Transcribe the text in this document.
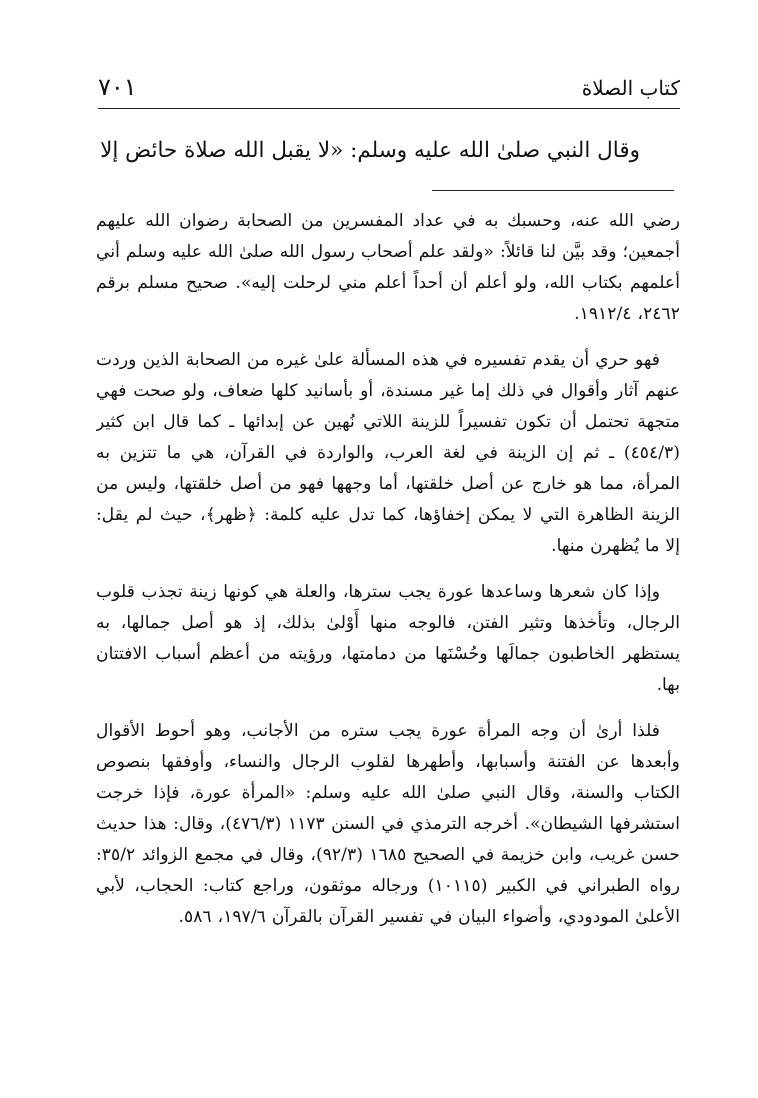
كتاب الصلاة
٧٠١
وقال النبي صلىٰ الله عليه وسلم: «لا يقبل الله صلاة حائض إلا

رضي الله عنه، وحسبك به في عداد المفسرين من الصحابة رضوان الله عليهم أجمعين؛ وقد بيَّن لنا قائلاً: «ولقد علم أصحاب رسول الله صلىٰ الله عليه وسلم أني أعلمهم بكتاب الله، ولو أعلم أن أحداً أعلم مني لرحلت إليه». صحيح مسلم برقم ٢٤٦٢، ١٩١٢/٤.

فهو حري أن يقدم تفسيره في هذه المسألة علىٰ غيره من الصحابة الذين وردت عنهم آثار وأقوال في ذلك إما غير مسندة، أو بأسانيد كلها ضعاف، ولو صحت فهي متجهة تحتمل أن تكون تفسيراً للزينة اللاتي نُهين عن إبدائها ـ كما قال ابن كثير (٤٥٤/٣) ـ ثم إن الزينة في لغة العرب، والواردة في القرآن، هي ما تتزين به المرأة، مما هو خارج عن أصل خلقتها، أما وجهها فهو من أصل خلقتها، وليس من الزينة الظاهرة التي لا يمكن إخفاؤها، كما تدل عليه كلمة: ﴿ظهر﴾، حيث لم يقل: إلا ما يُظهرن منها.

وإذا كان شعرها وساعدها عورة يجب سترها، والعلة هي كونها زينة تجذب قلوب الرجال، وتأخذها وتثير الفتن، فالوجه منها أَوْلىٰ بذلك، إذ هو أصل جمالها، به يستظهر الخاطبون جمالَها وحُسْنَها من دمامتها، ورؤيته من أعظم أسباب الافتتان بها.

فلذا أرىٰ أن وجه المرأة عورة يجب ستره من الأجانب، وهو أحوط الأقوال وأبعدها عن الفتنة وأسبابها، وأطهرها لقلوب الرجال والنساء، وأوفقها بنصوص الكتاب والسنة، وقال النبي صلىٰ الله عليه وسلم: «المرأة عورة، فإذا خرجت استشرفها الشيطان». أخرجه الترمذي في السنن ١١٧٣ (٤٧٦/٣)، وقال: هذا حديث حسن غريب، وابن خزيمة في الصحيح ١٦٨٥ (٩٢/٣)، وقال في مجمع الزوائد ٣٥/٢: رواه الطبراني في الكبير (١٠١١٥) ورجاله موثقون، وراجع كتاب: الحجاب، لأبي الأعلىٰ المودودي، وأضواء البيان في تفسير القرآن بالقرآن ١٩٧/٦، ٥٨٦.
